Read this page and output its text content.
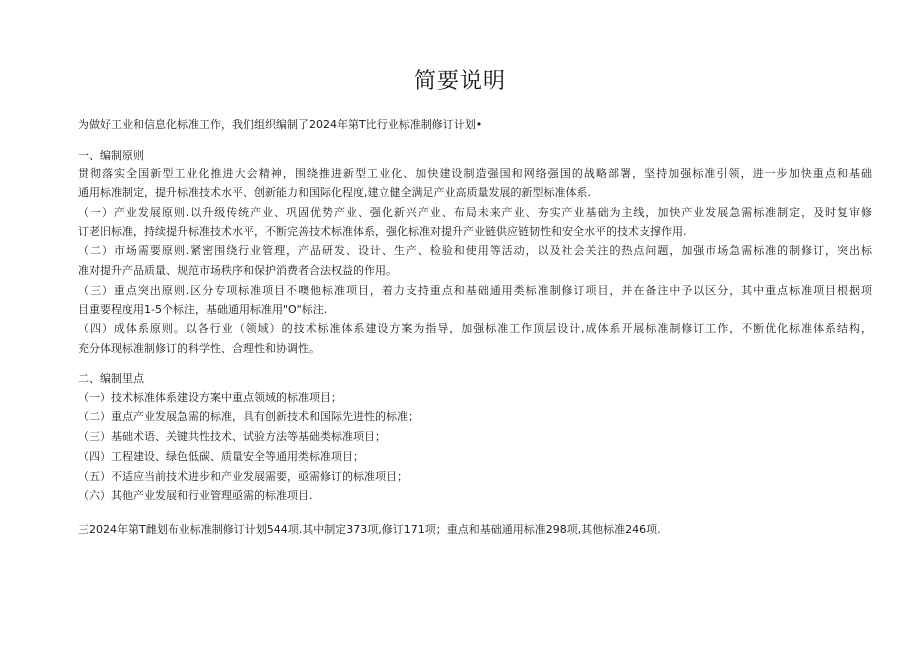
简要说明
为做好工业和信息化标准工作，我们组织编制了2024年第T比行业标准制修订计划•
一、编制原则
贯彻落实全国新型工业化推进大会精神，围绕推进新型工业化、加快建设制造强国和网络强国的战略部署，坚持加强标准引领，进一步加快重点和基础
通用标准制定，提升标准技术水平、创新能力和国际化程度,建立健全满足产业高质量发展的新型标准体系.
（一）产业发展原则.以升级传统产业、巩固优势产业、强化新兴产业、布局未来产业、夯实产业基础为主线，加快产业发展急需标准制定，及时复审修
订老旧标准，持续提升标准技术水平，不断完善技术标准体系，强化标准对提升产业链供应链韧性和安全水平的技术支撑作用.
（二）市场需要原则.紧密围绕行业管理，产品研发、设计、生产、检验和使用等活动，以及社会关注的热点问题，加强市场急需标准的制修订，突出标
准对提升产品质量、规范市场秩序和保护消费者合法权益的作用。
（三）重点突出原则.区分专项标准项目不噢他标准项目，着力支持重点和基础通用类标准制修订项目，并在备注中予以区分，其中重点标准项目根据项
目重要程度用1-5个标注，基础通用标准用"O"标注.
（四）成体系原则。以各行业（领域）的技术标准体系建设方案为指导，加强标准工作顶层设计,成体系开展标准制修订工作，不断优化标准体系结构，
充分体现标准制修订的科学性、合理性和协调性。
二、编制里点
（一）技术标准体系建设方案中重点领域的标准项目；
（二）重点产业发展急需的标准，具有创新技术和国际先进性的标准；
（三）基础术语、关键共性技术、试验方法等基础类标准项目；
（四）工程建设、绿色低碳、质量安全等通用类标准项目；
（五）不适应当前技术进步和产业发展需要，亟需修订的标准项目；
（六）其他产业发展和行业管理亟需的标准项目.
三2024年第T雌划布业标准制修订计划544项.其中制定373项,修订171项；重点和基础通用标准298项,其他标准246项.
